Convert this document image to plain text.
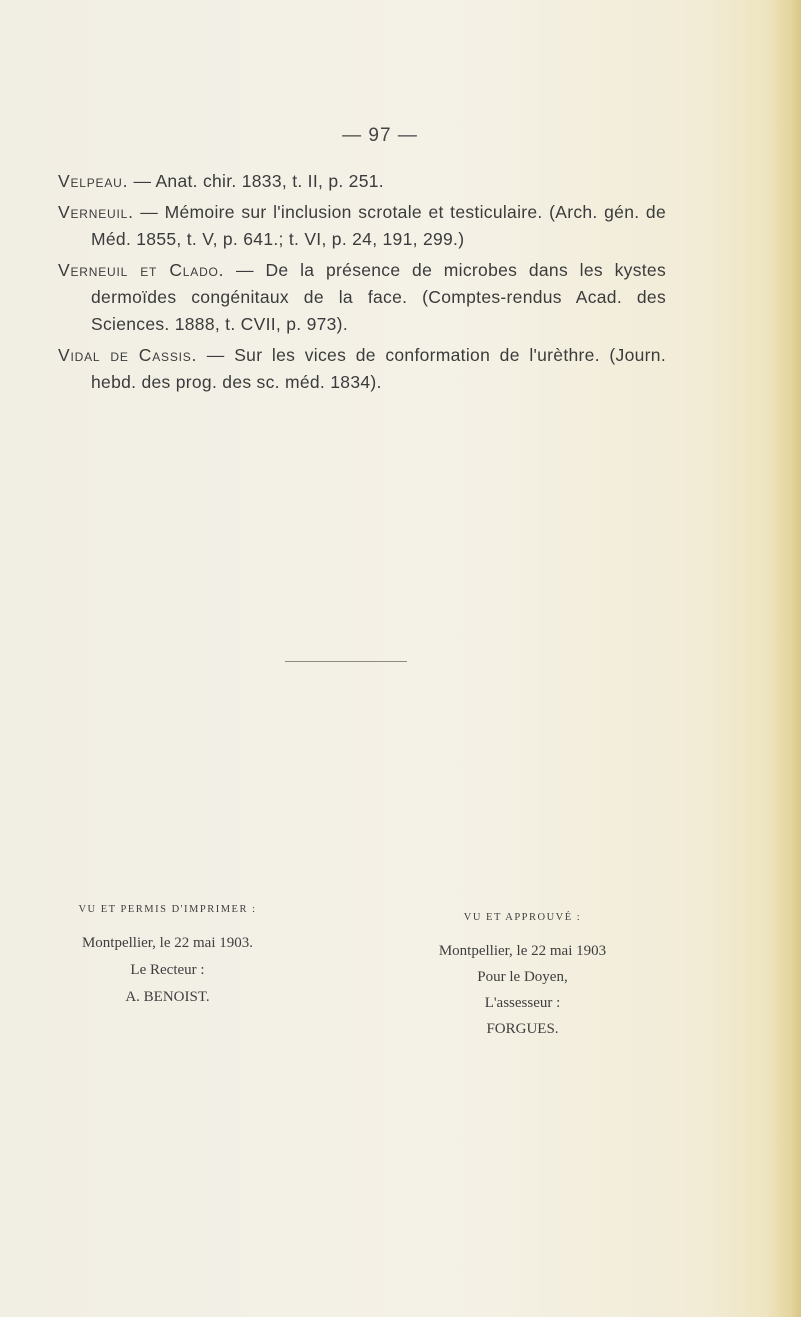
— 97 —

Velpeau. — Anat. chir. 1833, t. II, p. 251.

Verneuil. — Mémoire sur l'inclusion scrotale et testiculaire. (Arch. gén. de Méd. 1855, t. V, p. 641.; t. VI, p. 24, 191, 299.)

Verneuil et Clado. — De la présence de microbes dans les kystes dermoïdes congénitaux de la face. (Comptes-rendus Acad. des Sciences. 1888, t. CVII, p. 973).

Vidal de Cassis. — Sur les vices de conformation de l'urèthre. (Journ. hebd. des prog. des sc. méd. 1834).

VU ET PERMIS D'IMPRIMER :
Montpellier, le 22 mai 1903.
Le Recteur :
A. BENOIST.
VU ET APPROUVÉ :
Montpellier, le 22 mai 1903
Pour le Doyen,
L'assesseur :
FORGUES.
